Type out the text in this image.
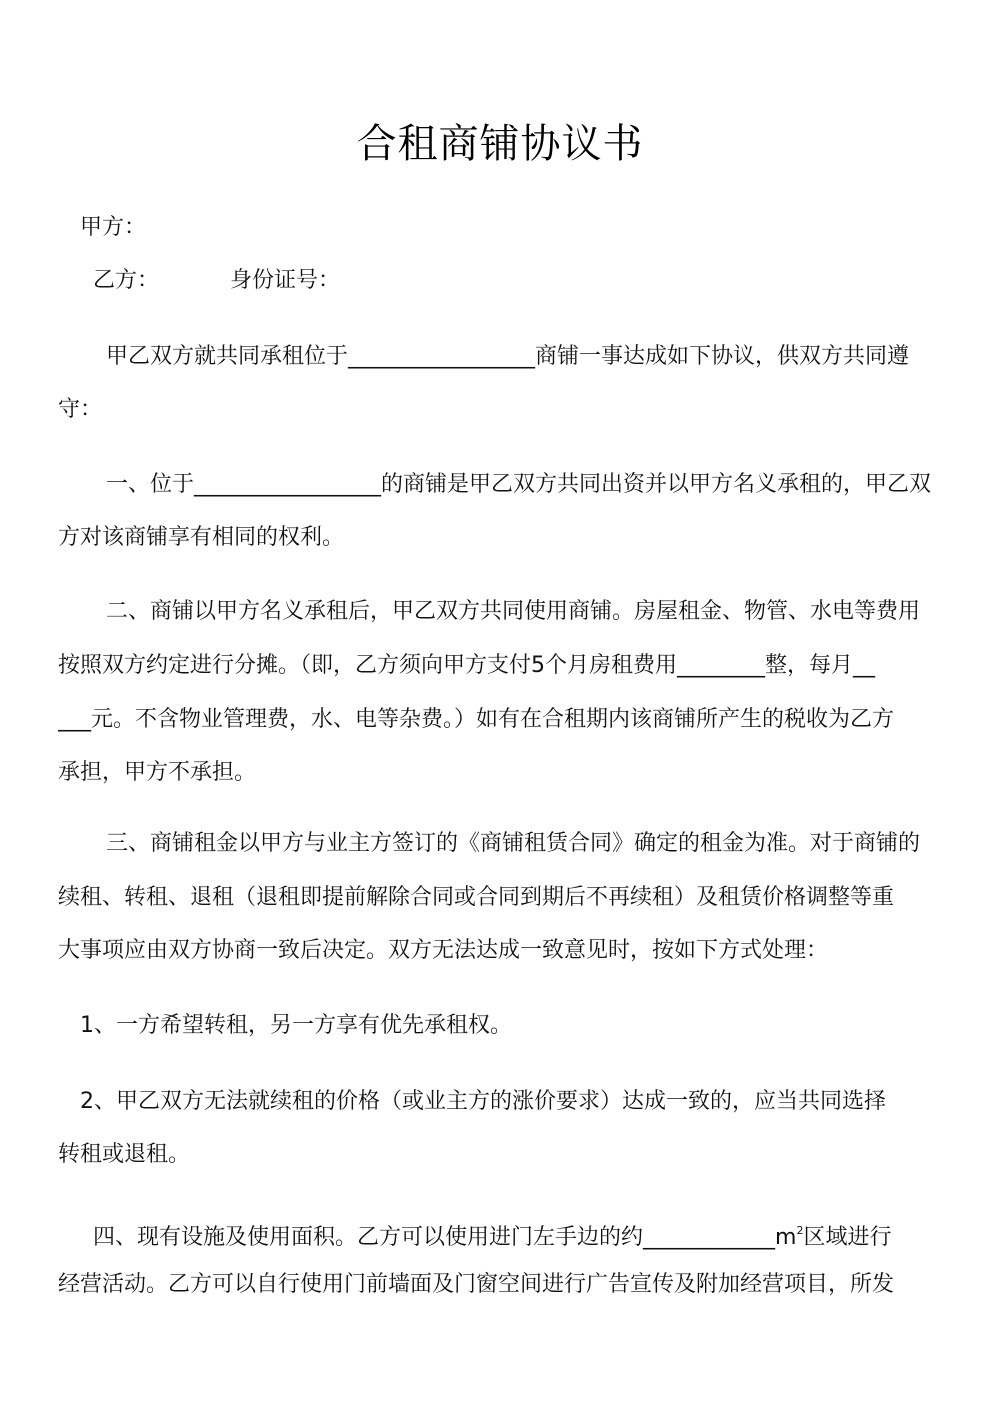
合租商铺协议书
甲方：
乙方：	身份证号：
甲乙双方就共同承租位于_________________商铺一事达成如下协议，供双方共同遵
守：
一、位于_________________的商铺是甲乙双方共同出资并以甲方名义承租的，甲乙双
方对该商铺享有相同的权利。
二、商铺以甲方名义承租后，甲乙双方共同使用商铺。房屋租金、物管、水电等费用
按照双方约定进行分摊。（即，乙方须向甲方支付5个月房租费用________整，每月__
___元。不含物业管理费，水、电等杂费。）如有在合租期内该商铺所产生的税收为乙方
承担，甲方不承担。
三、商铺租金以甲方与业主方签订的《商铺租赁合同》确定的租金为准。对于商铺的
续租、转租、退租（退租即提前解除合同或合同到期后不再续租）及租赁价格调整等重
大事项应由双方协商一致后决定。双方无法达成一致意见时，按如下方式处理：
1、一方希望转租，另一方享有优先承租权。
2、甲乙双方无法就续租的价格（或业主方的涨价要求）达成一致的，应当共同选择
转租或退租。
四、现有设施及使用面积。乙方可以使用进门左手边的约$\_\_\_\_\_\_\_\_\_\_\_\_m^2$区域进行
经营活动。乙方可以自行使用门前墙面及门窗空间进行广告宣传及附加经营项目，所发
